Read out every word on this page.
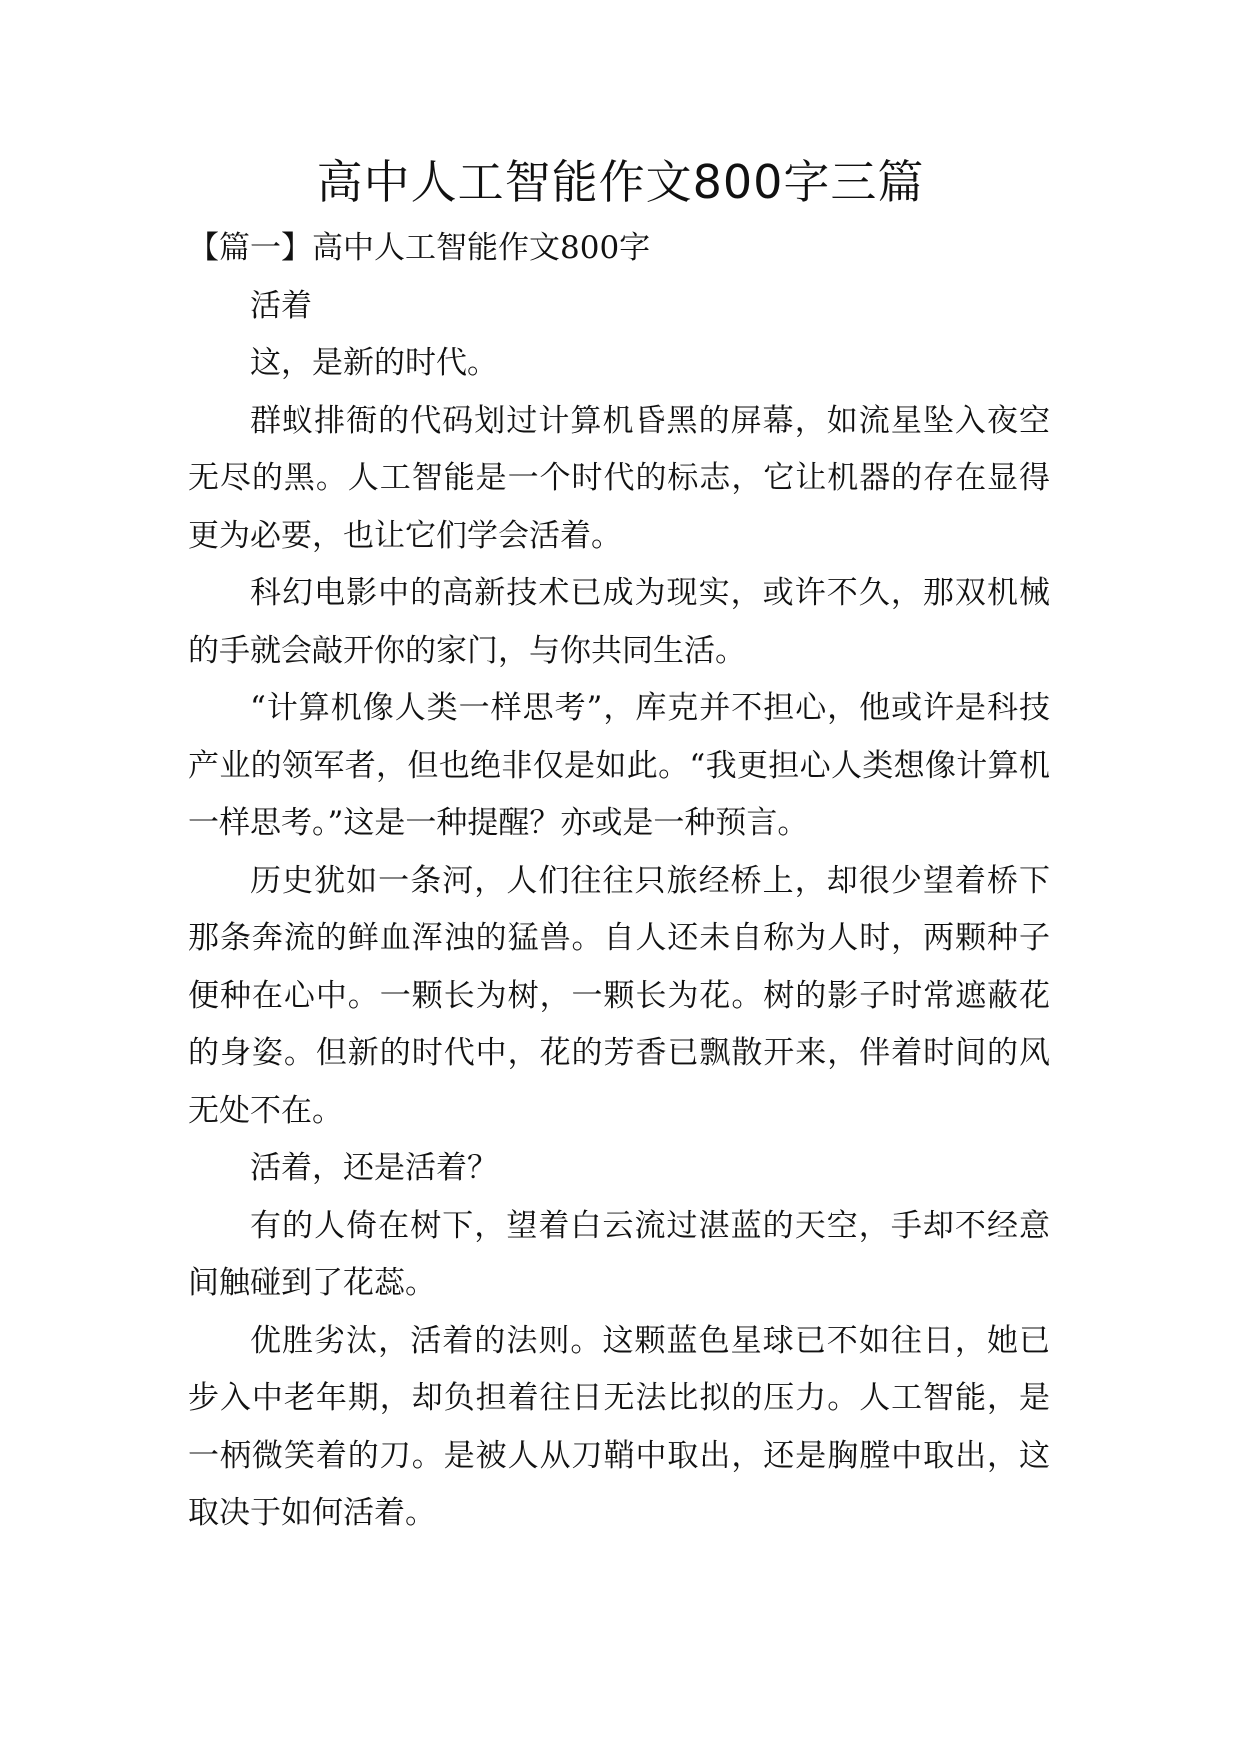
高中人工智能作文800字三篇

【篇一】高中人工智能作文800字

活着

这，是新的时代。

群蚁排衙的代码划过计算机昏黑的屏幕，如流星坠入夜空无尽的黑。人工智能是一个时代的标志，它让机器的存在显得更为必要，也让它们学会活着。

科幻电影中的高新技术已成为现实，或许不久，那双机械的手就会敲开你的家门，与你共同生活。

“计算机像人类一样思考”，库克并不担心，他或许是科技产业的领军者，但也绝非仅是如此。“我更担心人类想像计算机一样思考。”这是一种提醒？亦或是一种预言。

历史犹如一条河，人们往往只旅经桥上，却很少望着桥下那条奔流的鲜血浑浊的猛兽。自人还未自称为人时，两颗种子便种在心中。一颗长为树，一颗长为花。树的影子时常遮蔽花的身姿。但新的时代中，花的芳香已飘散开来，伴着时间的风无处不在。

活着，还是活着？

有的人倚在树下，望着白云流过湛蓝的天空，手却不经意间触碰到了花蕊。

优胜劣汰，活着的法则。这颗蓝色星球已不如往日，她已步入中老年期，却负担着往日无法比拟的压力。人工智能，是一柄微笑着的刀。是被人从刀鞘中取出，还是胸膛中取出，这取决于如何活着。
